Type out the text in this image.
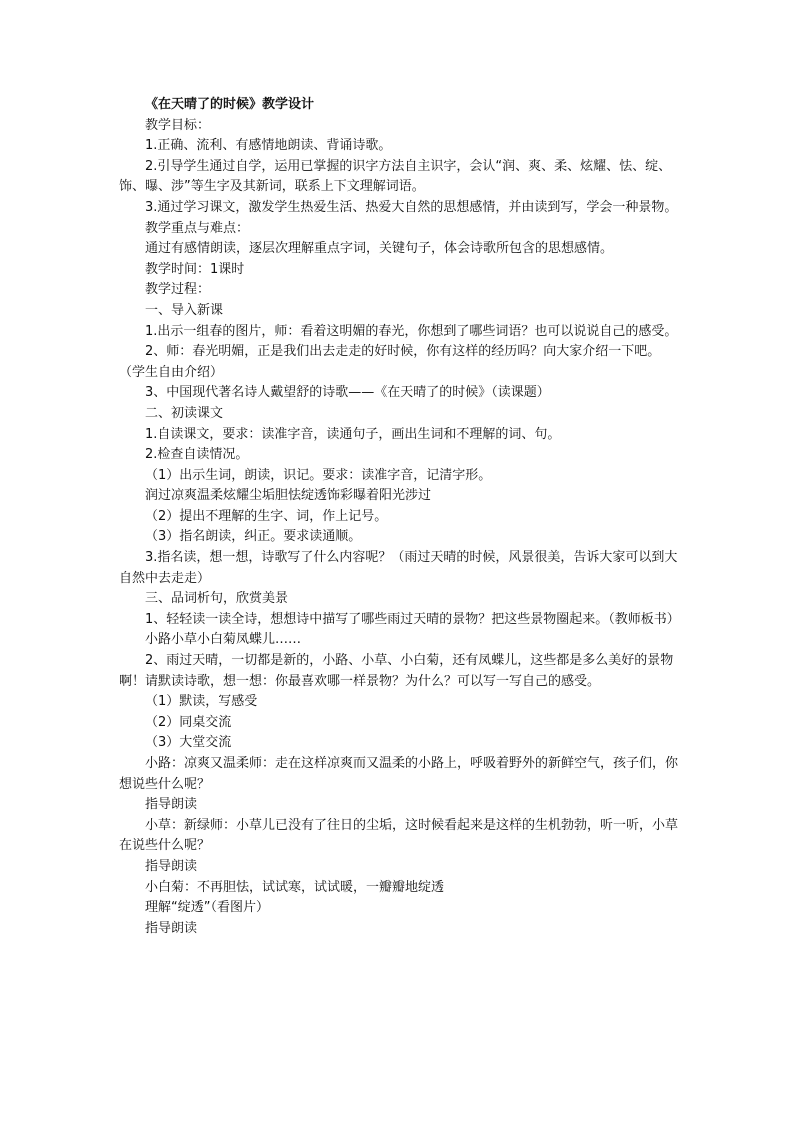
《在天晴了的时候》教学设计
教学目标：
1.正确、流利、有感情地朗读、背诵诗歌。
2.引导学生通过自学，运用已掌握的识字方法自主识字，会认“润、爽、柔、炫耀、怯、绽、饰、曝、涉”等生字及其新词，联系上下文理解词语。
3.通过学习课文，激发学生热爱生活、热爱大自然的思想感情，并由读到写，学会一种景物。
教学重点与难点：
通过有感情朗读，逐层次理解重点字词，关键句子，体会诗歌所包含的思想感情。
教学时间：1课时
教学过程：
一、导入新课
1.出示一组春的图片，师：看着这明媚的春光，你想到了哪些词语？也可以说说自己的感受。
2、师：春光明媚，正是我们出去走走的好时候，你有这样的经历吗？向大家介绍一下吧。（学生自由介绍）
3、中国现代著名诗人戴望舒的诗歌——《在天晴了的时候》（读课题）
二、初读课文
1.自读课文，要求：读准字音，读通句子，画出生词和不理解的词、句。
2.检查自读情况。
（1）出示生词，朗读，识记。要求：读准字音，记清字形。
润过凉爽温柔炫耀尘垢胆怯绽透饰彩曝着阳光涉过
（2）提出不理解的生字、词，作上记号。
（3）指名朗读，纠正。要求读通顺。
3.指名读，想一想，诗歌写了什么内容呢？（雨过天晴的时候，风景很美，告诉大家可以到大自然中去走走）
三、品词析句，欣赏美景
1、轻轻读一读全诗，想想诗中描写了哪些雨过天晴的景物？把这些景物圈起来。（教师板书）
小路小草小白菊凤蝶儿……
2、雨过天晴，一切都是新的，小路、小草、小白菊，还有凤蝶儿，这些都是多么美好的景物啊！请默读诗歌，想一想：你最喜欢哪一样景物？为什么？可以写一写自己的感受。
（1）默读，写感受
（2）同桌交流
（3）大堂交流
小路：凉爽又温柔师：走在这样凉爽而又温柔的小路上，呼吸着野外的新鲜空气，孩子们，你想说些什么呢？
指导朗读
小草：新绿师：小草儿已没有了往日的尘垢，这时候看起来是这样的生机勃勃，听一听，小草在说些什么呢？
指导朗读
小白菊：不再胆怯，试试寒，试试暖，一瓣瓣地绽透
理解“绽透”（看图片）
指导朗读
